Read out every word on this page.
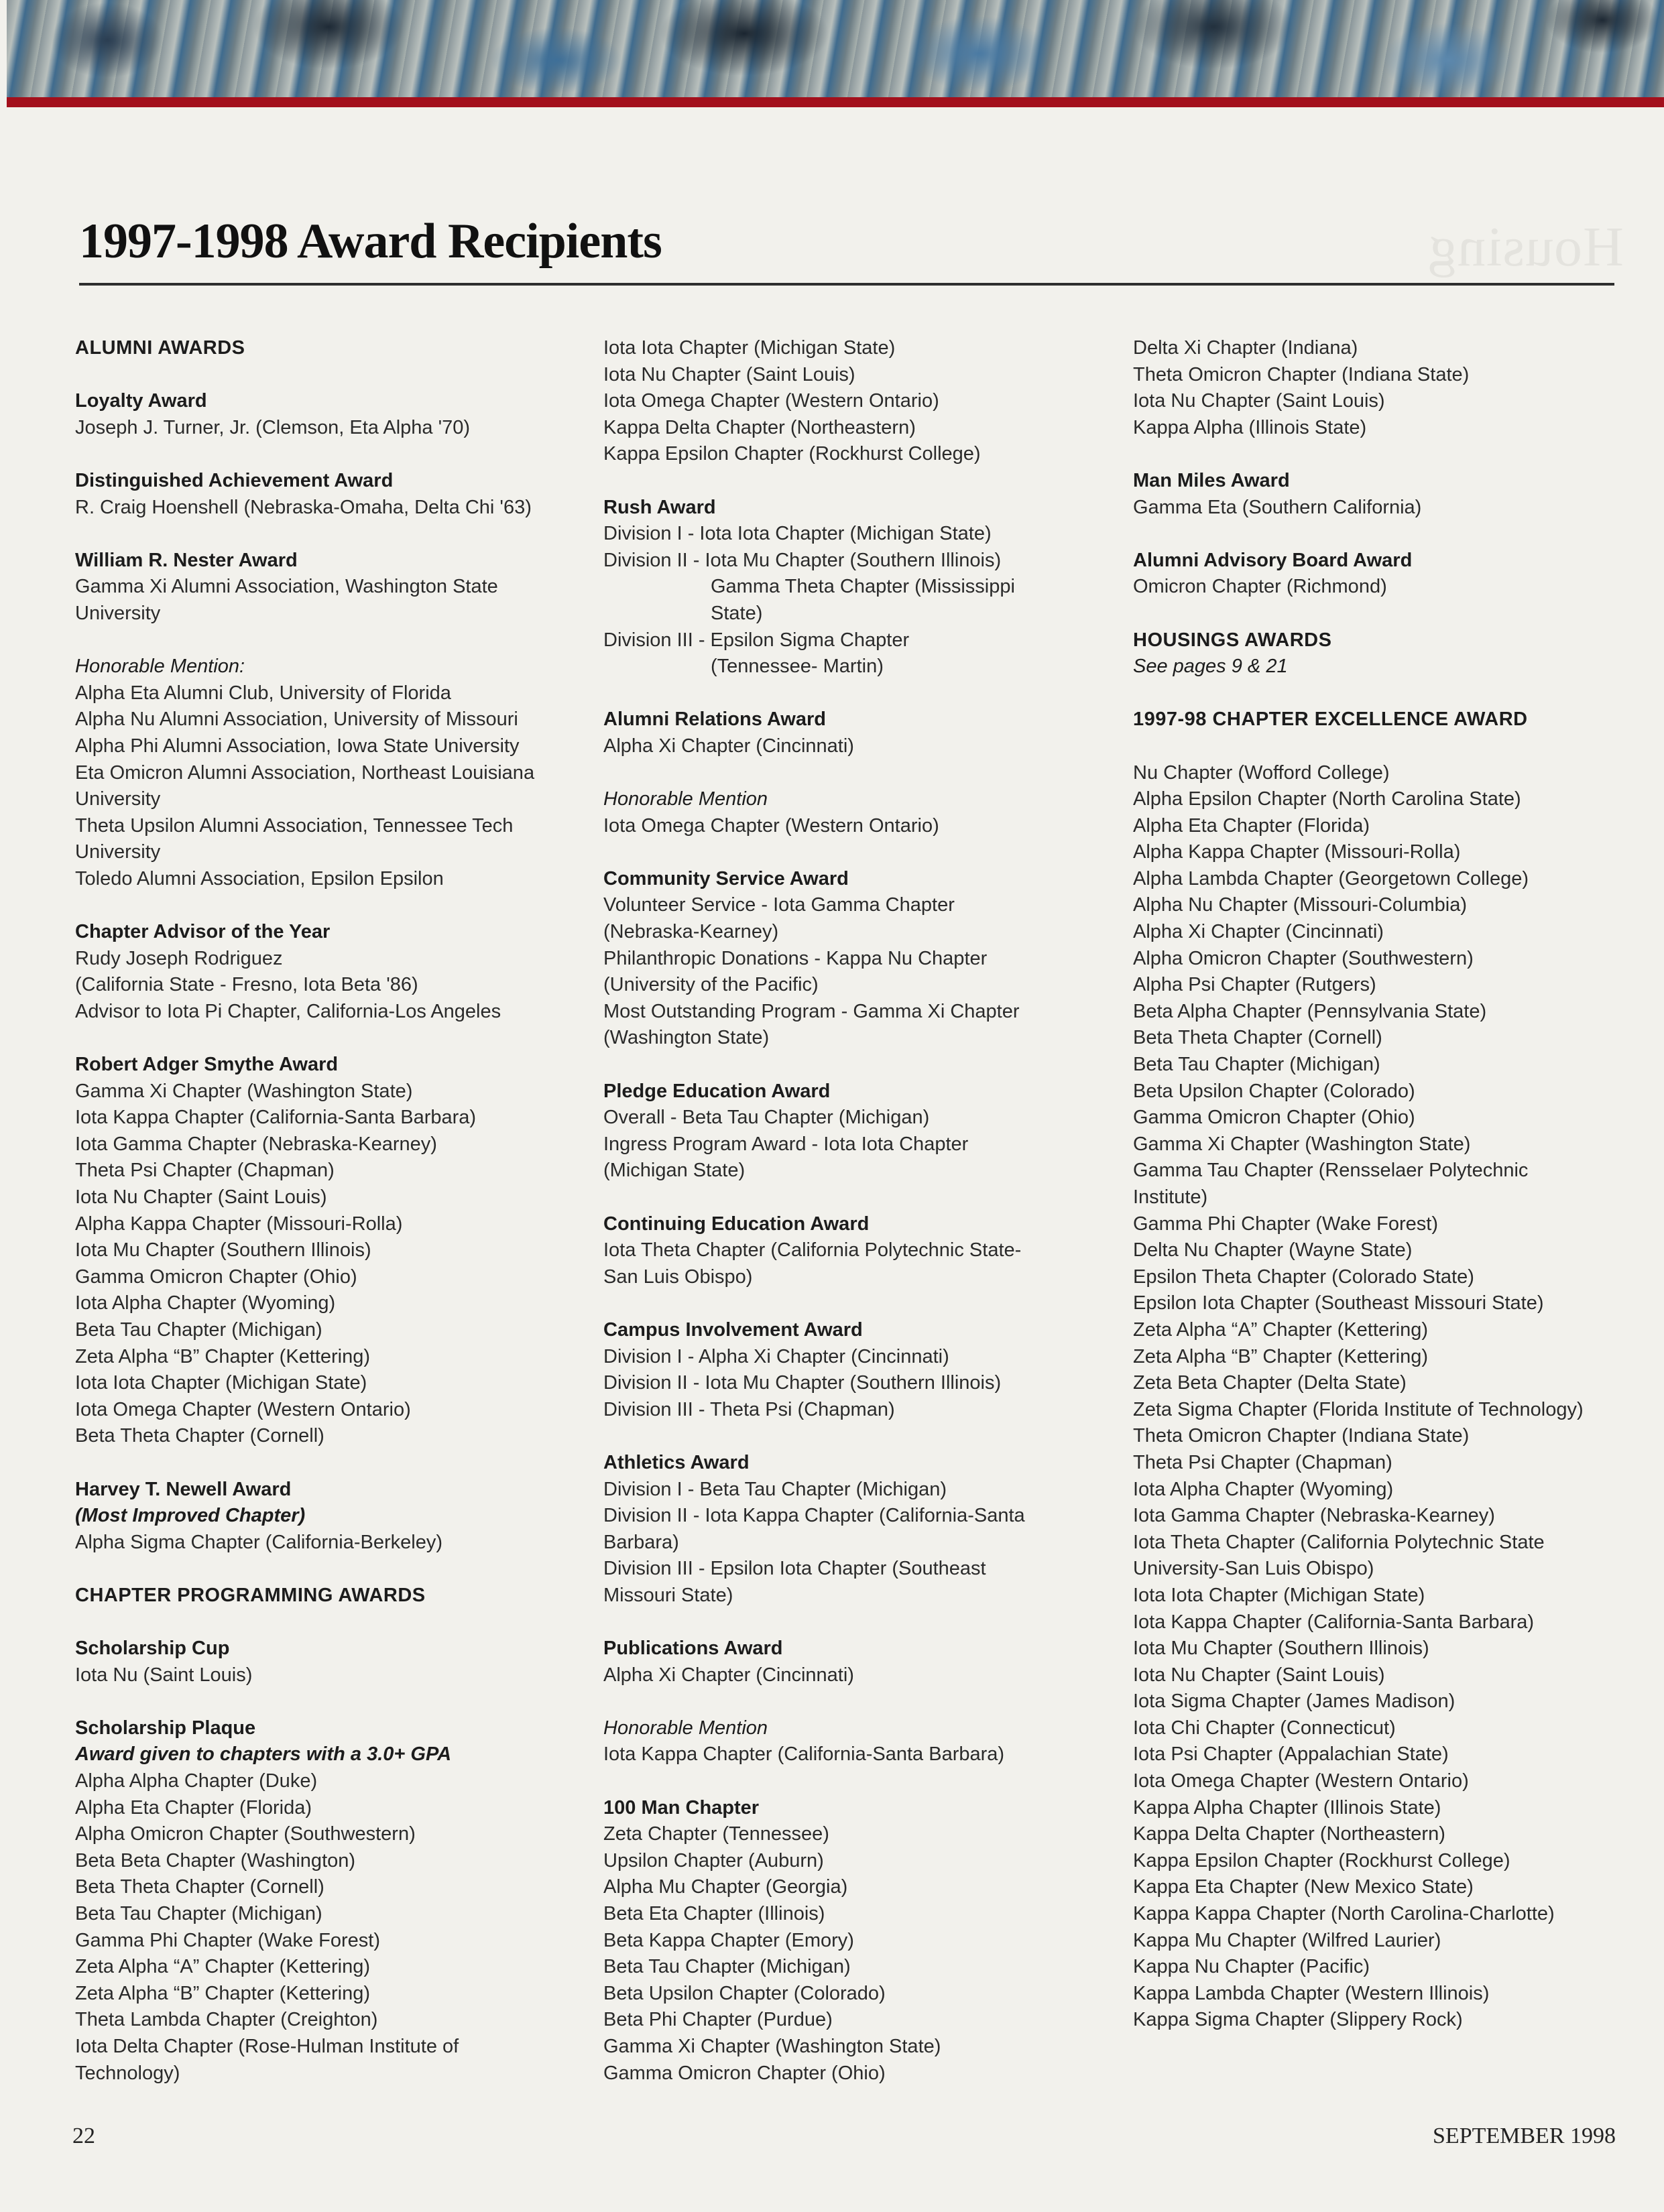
Housing
1997-1998 Award Recipients
ALUMNI AWARDS
Loyalty Award
Joseph J. Turner, Jr. (Clemson, Eta Alpha '70)
Distinguished Achievement Award
R. Craig Hoenshell (Nebraska-Omaha, Delta Chi '63)
William R. Nester Award
Gamma Xi Alumni Association, Washington State
University
Honorable Mention:
Alpha Eta Alumni Club, University of Florida
Alpha Nu Alumni Association, University of Missouri
Alpha Phi Alumni Association, Iowa State University
Eta Omicron Alumni Association, Northeast Louisiana
University
Theta Upsilon Alumni Association, Tennessee Tech
University
Toledo Alumni Association, Epsilon Epsilon
Chapter Advisor of the Year
Rudy Joseph Rodriguez
(California State - Fresno, Iota Beta '86)
Advisor to Iota Pi Chapter, California-Los Angeles
Robert Adger Smythe Award
Gamma Xi Chapter (Washington State)
Iota Kappa Chapter (California-Santa Barbara)
Iota Gamma Chapter (Nebraska-Kearney)
Theta Psi Chapter (Chapman)
Iota Nu Chapter (Saint Louis)
Alpha Kappa Chapter (Missouri-Rolla)
Iota Mu Chapter (Southern Illinois)
Gamma Omicron Chapter (Ohio)
Iota Alpha Chapter (Wyoming)
Beta Tau Chapter (Michigan)
Zeta Alpha “B” Chapter (Kettering)
Iota Iota Chapter (Michigan State)
Iota Omega Chapter (Western Ontario)
Beta Theta Chapter (Cornell)
Harvey T. Newell Award
(Most Improved Chapter)
Alpha Sigma Chapter (California-Berkeley)
CHAPTER PROGRAMMING AWARDS
Scholarship Cup
Iota Nu (Saint Louis)
Scholarship Plaque
Award given to chapters with a 3.0+ GPA
Alpha Alpha Chapter (Duke)
Alpha Eta Chapter (Florida)
Alpha Omicron Chapter (Southwestern)
Beta Beta Chapter (Washington)
Beta Theta Chapter (Cornell)
Beta Tau Chapter (Michigan)
Gamma Phi Chapter (Wake Forest)
Zeta Alpha “A” Chapter (Kettering)
Zeta Alpha “B” Chapter (Kettering)
Theta Lambda Chapter (Creighton)
Iota Delta Chapter (Rose-Hulman Institute of
Technology)
Iota Iota Chapter (Michigan State)
Iota Nu Chapter (Saint Louis)
Iota Omega Chapter (Western Ontario)
Kappa Delta Chapter (Northeastern)
Kappa Epsilon Chapter (Rockhurst College)
Rush Award
Division I - Iota Iota Chapter (Michigan State)
Division II - Iota Mu Chapter (Southern Illinois)
Gamma Theta Chapter (Mississippi
State)
Division III - Epsilon Sigma Chapter
(Tennessee- Martin)
Alumni Relations Award
Alpha Xi Chapter (Cincinnati)
Honorable Mention
Iota Omega Chapter (Western Ontario)
Community Service Award
Volunteer Service - Iota Gamma Chapter
(Nebraska-Kearney)
Philanthropic Donations - Kappa Nu Chapter
(University of the Pacific)
Most Outstanding Program - Gamma Xi Chapter
(Washington State)
Pledge Education Award
Overall - Beta Tau Chapter (Michigan)
Ingress Program Award - Iota Iota Chapter
(Michigan State)
Continuing Education Award
Iota Theta Chapter (California Polytechnic State-
San Luis Obispo)
Campus Involvement Award
Division I - Alpha Xi Chapter (Cincinnati)
Division II - Iota Mu Chapter (Southern Illinois)
Division III - Theta Psi (Chapman)
Athletics Award
Division I - Beta Tau Chapter (Michigan)
Division II - Iota Kappa Chapter (California-Santa
Barbara)
Division III - Epsilon Iota Chapter (Southeast
Missouri State)
Publications Award
Alpha Xi Chapter (Cincinnati)
Honorable Mention
Iota Kappa Chapter (California-Santa Barbara)
100 Man Chapter
Zeta Chapter (Tennessee)
Upsilon Chapter (Auburn)
Alpha Mu Chapter (Georgia)
Beta Eta Chapter (Illinois)
Beta Kappa Chapter (Emory)
Beta Tau Chapter (Michigan)
Beta Upsilon Chapter (Colorado)
Beta Phi Chapter (Purdue)
Gamma Xi Chapter (Washington State)
Gamma Omicron Chapter (Ohio)
Delta Xi Chapter (Indiana)
Theta Omicron Chapter (Indiana State)
Iota Nu Chapter (Saint Louis)
Kappa Alpha (Illinois State)
Man Miles Award
Gamma Eta (Southern California)
Alumni Advisory Board Award
Omicron Chapter (Richmond)
HOUSINGS AWARDS
See pages 9 & 21
1997-98 CHAPTER EXCELLENCE AWARD
Nu Chapter (Wofford College)
Alpha Epsilon Chapter (North Carolina State)
Alpha Eta Chapter (Florida)
Alpha Kappa Chapter (Missouri-Rolla)
Alpha Lambda Chapter (Georgetown College)
Alpha Nu Chapter (Missouri-Columbia)
Alpha Xi Chapter (Cincinnati)
Alpha Omicron Chapter (Southwestern)
Alpha Psi Chapter (Rutgers)
Beta Alpha Chapter (Pennsylvania State)
Beta Theta Chapter (Cornell)
Beta Tau Chapter (Michigan)
Beta Upsilon Chapter (Colorado)
Gamma Omicron Chapter (Ohio)
Gamma Xi Chapter (Washington State)
Gamma Tau Chapter (Rensselaer Polytechnic
Institute)
Gamma Phi Chapter (Wake Forest)
Delta Nu Chapter (Wayne State)
Epsilon Theta Chapter (Colorado State)
Epsilon Iota Chapter (Southeast Missouri State)
Zeta Alpha “A” Chapter (Kettering)
Zeta Alpha “B” Chapter (Kettering)
Zeta Beta Chapter (Delta State)
Zeta Sigma Chapter (Florida Institute of Technology)
Theta Omicron Chapter (Indiana State)
Theta Psi Chapter (Chapman)
Iota Alpha Chapter (Wyoming)
Iota Gamma Chapter (Nebraska-Kearney)
Iota Theta Chapter (California Polytechnic State
University-San Luis Obispo)
Iota Iota Chapter (Michigan State)
Iota Kappa Chapter (California-Santa Barbara)
Iota Mu Chapter (Southern Illinois)
Iota Nu Chapter (Saint Louis)
Iota Sigma Chapter (James Madison)
Iota Chi Chapter (Connecticut)
Iota Psi Chapter (Appalachian State)
Iota Omega Chapter (Western Ontario)
Kappa Alpha Chapter (Illinois State)
Kappa Delta Chapter (Northeastern)
Kappa Epsilon Chapter (Rockhurst College)
Kappa Eta Chapter (New Mexico State)
Kappa Kappa Chapter (North Carolina-Charlotte)
Kappa Mu Chapter (Wilfred Laurier)
Kappa Nu Chapter (Pacific)
Kappa Lambda Chapter (Western Illinois)
Kappa Sigma Chapter (Slippery Rock)
22	SEPTEMBER 1998
